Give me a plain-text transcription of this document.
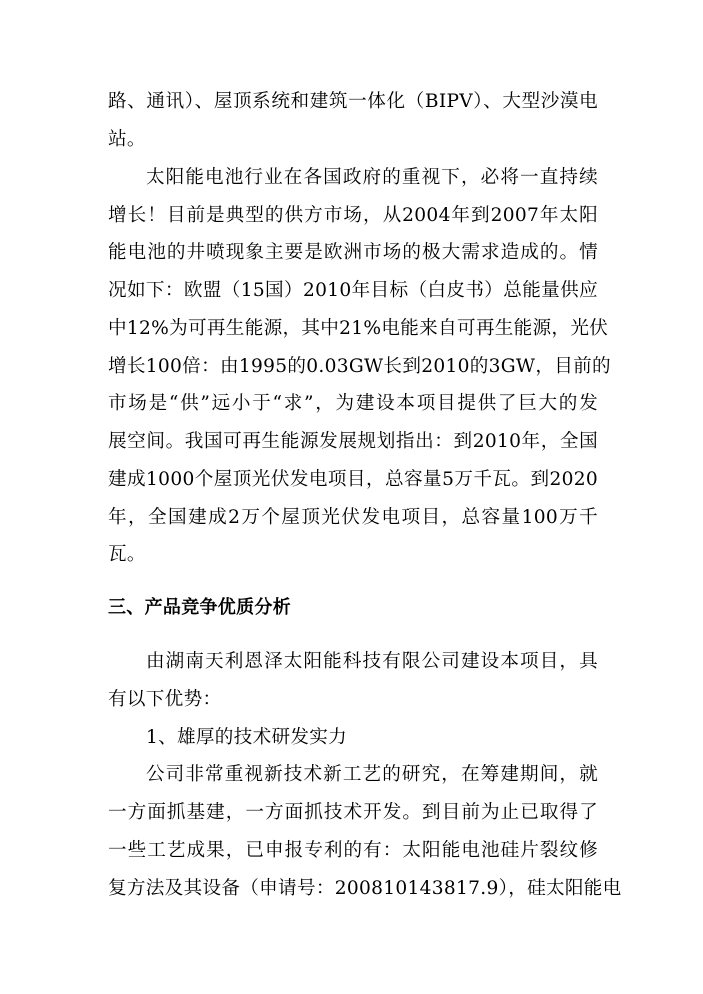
路、通讯）、屋顶系统和建筑一体化（BIPV）、大型沙漠电
站。
太阳能电池行业在各国政府的重视下，必将一直持续
增长！目前是典型的供方市场，从2004年到2007年太阳
能电池的井喷现象主要是欧洲市场的极大需求造成的。情
况如下：欧盟（15国）2010年目标（白皮书）总能量供应
中12%为可再生能源，其中21%电能来自可再生能源，光伏
增长100倍：由1995的0.03GW长到2010的3GW，目前的
市场是“供”远小于“求”，为建设本项目提供了巨大的发
展空间。我国可再生能源发展规划指出：到2010年，全国
建成1000个屋顶光伏发电项目，总容量5万千瓦。到2020
年，全国建成2万个屋顶光伏发电项目，总容量100万千
瓦。
三、产品竞争优质分析
由湖南天利恩泽太阳能科技有限公司建设本项目，具
有以下优势：
1、雄厚的技术研发实力
公司非常重视新技术新工艺的研究，在筹建期间，就
一方面抓基建，一方面抓技术开发。到目前为止已取得了
一些工艺成果，已申报专利的有：太阳能电池硅片裂纹修
复方法及其设备（申请号：200810143817.9），硅太阳能电
